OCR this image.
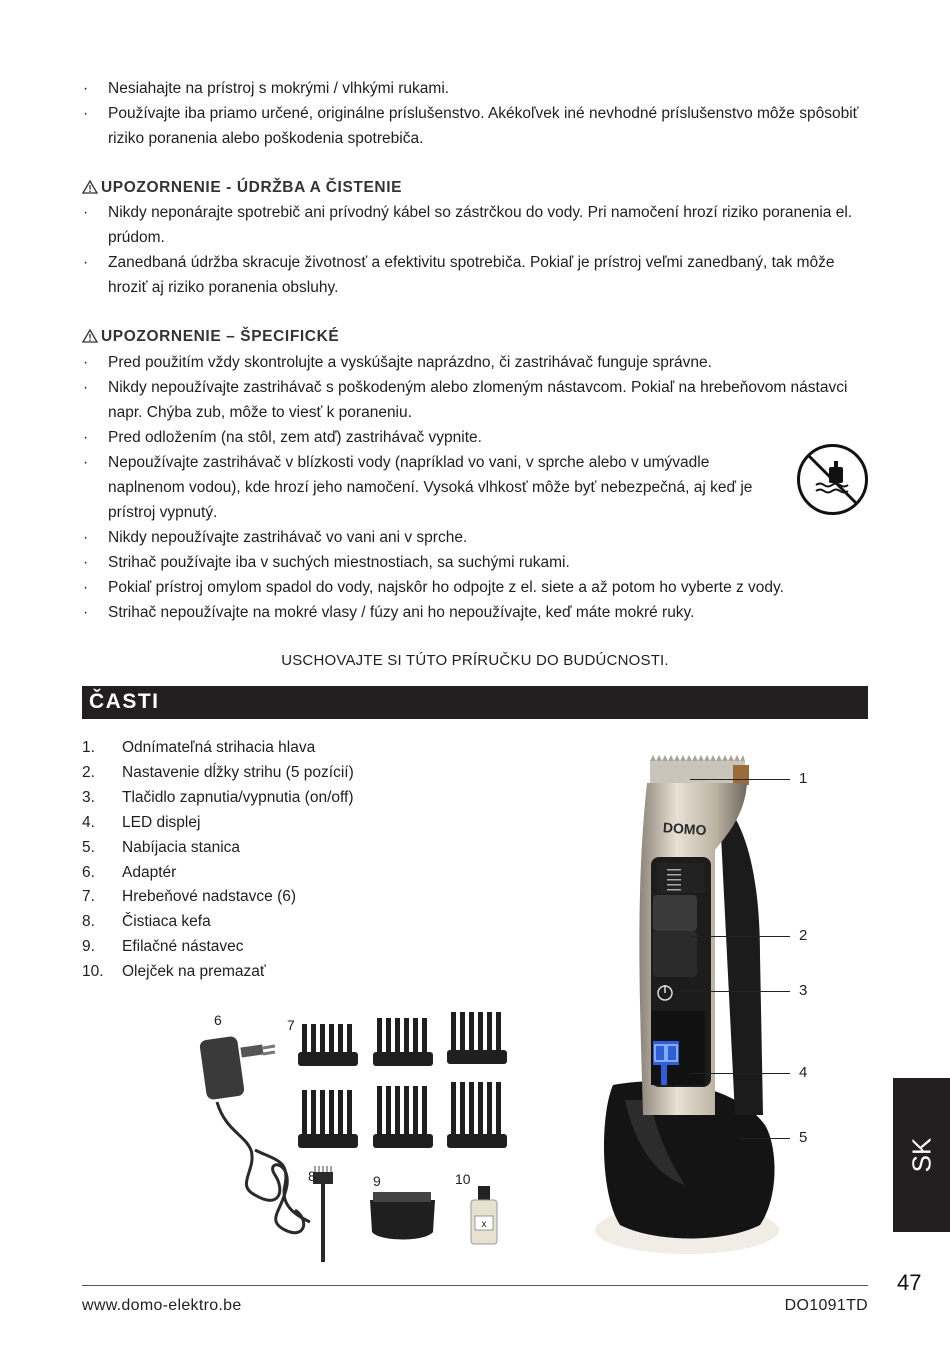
· Nesiahajte na prístroj s mokrými / vlhkými rukami.
· Používajte iba priamo určené, originálne príslušenstvo. Akékoľvek iné nevhodné príslušenstvo môže spôsobiť riziko poranenia alebo poškodenia spotrebiča.
UPOZORNENIE - ÚDRŽBA A ČISTENIE
· Nikdy neponárajte spotrebič ani prívodný kábel so zástrčkou do vody. Pri namočení hrozí riziko poranenia el. prúdom.
· Zanedbaná údržba skracuje životnosť a efektivitu spotrebiča. Pokiaľ je prístroj veľmi zanedbaný, tak môže hroziť aj riziko poranenia obsluhy.
UPOZORNENIE – ŠPECIFICKÉ
· Pred použitím vždy skontrolujte a vyskúšajte naprázdno, či zastrihávač funguje správne.
· Nikdy nepoužívajte zastrihávač s poškodeným alebo zlomeným nástavcom. Pokiaľ na hrebeňovom nástavci napr. Chýba zub, môže to viesť k poraneniu.
· Pred odložením (na stôl, zem atď) zastrihávač vypnite.
· Nepoužívajte zastrihávač v blízkosti vody (napríklad vo vani, v sprche alebo v umývadle naplnenom vodou), kde hrozí jeho namočení. Vysoká vlhkosť môže byť nebezpečná, aj keď je prístroj vypnutý.
· Nikdy nepoužívajte zastrihávač vo vani ani v sprche.
· Strihač používajte iba v suchých miestnostiach, sa suchými rukami.
· Pokiaľ prístroj omylom spadol do vody, najskôr ho odpojte z el. siete a až potom ho vyberte z vody.
· Strihač nepoužívajte na mokré vlasy / fúzy ani ho nepoužívajte, keď máte mokré ruky.
USCHOVAJTE SI TÚTO PRÍRUČKU DO BUDÚCNOSTI.
ČASTI
1.	Odnímateľná strihacia hlava
2.	Nastavenie dĺžky strihu (5 pozícií)
3.	Tlačidlo zapnutia/vypnutia (on/off)
4.	LED displej
5.	Nabíjacia stanica
6.	Adaptér
7.	Hrebeňové nadstavce (6)
8.	Čistiaca kefa
9.	Efilačné nástavec
10.	Olejček na premazať
x
6	7
8	9	10
DOMO
1
2
3
4
5
SK
47
www.domo-elektro.be	DO1091TD
